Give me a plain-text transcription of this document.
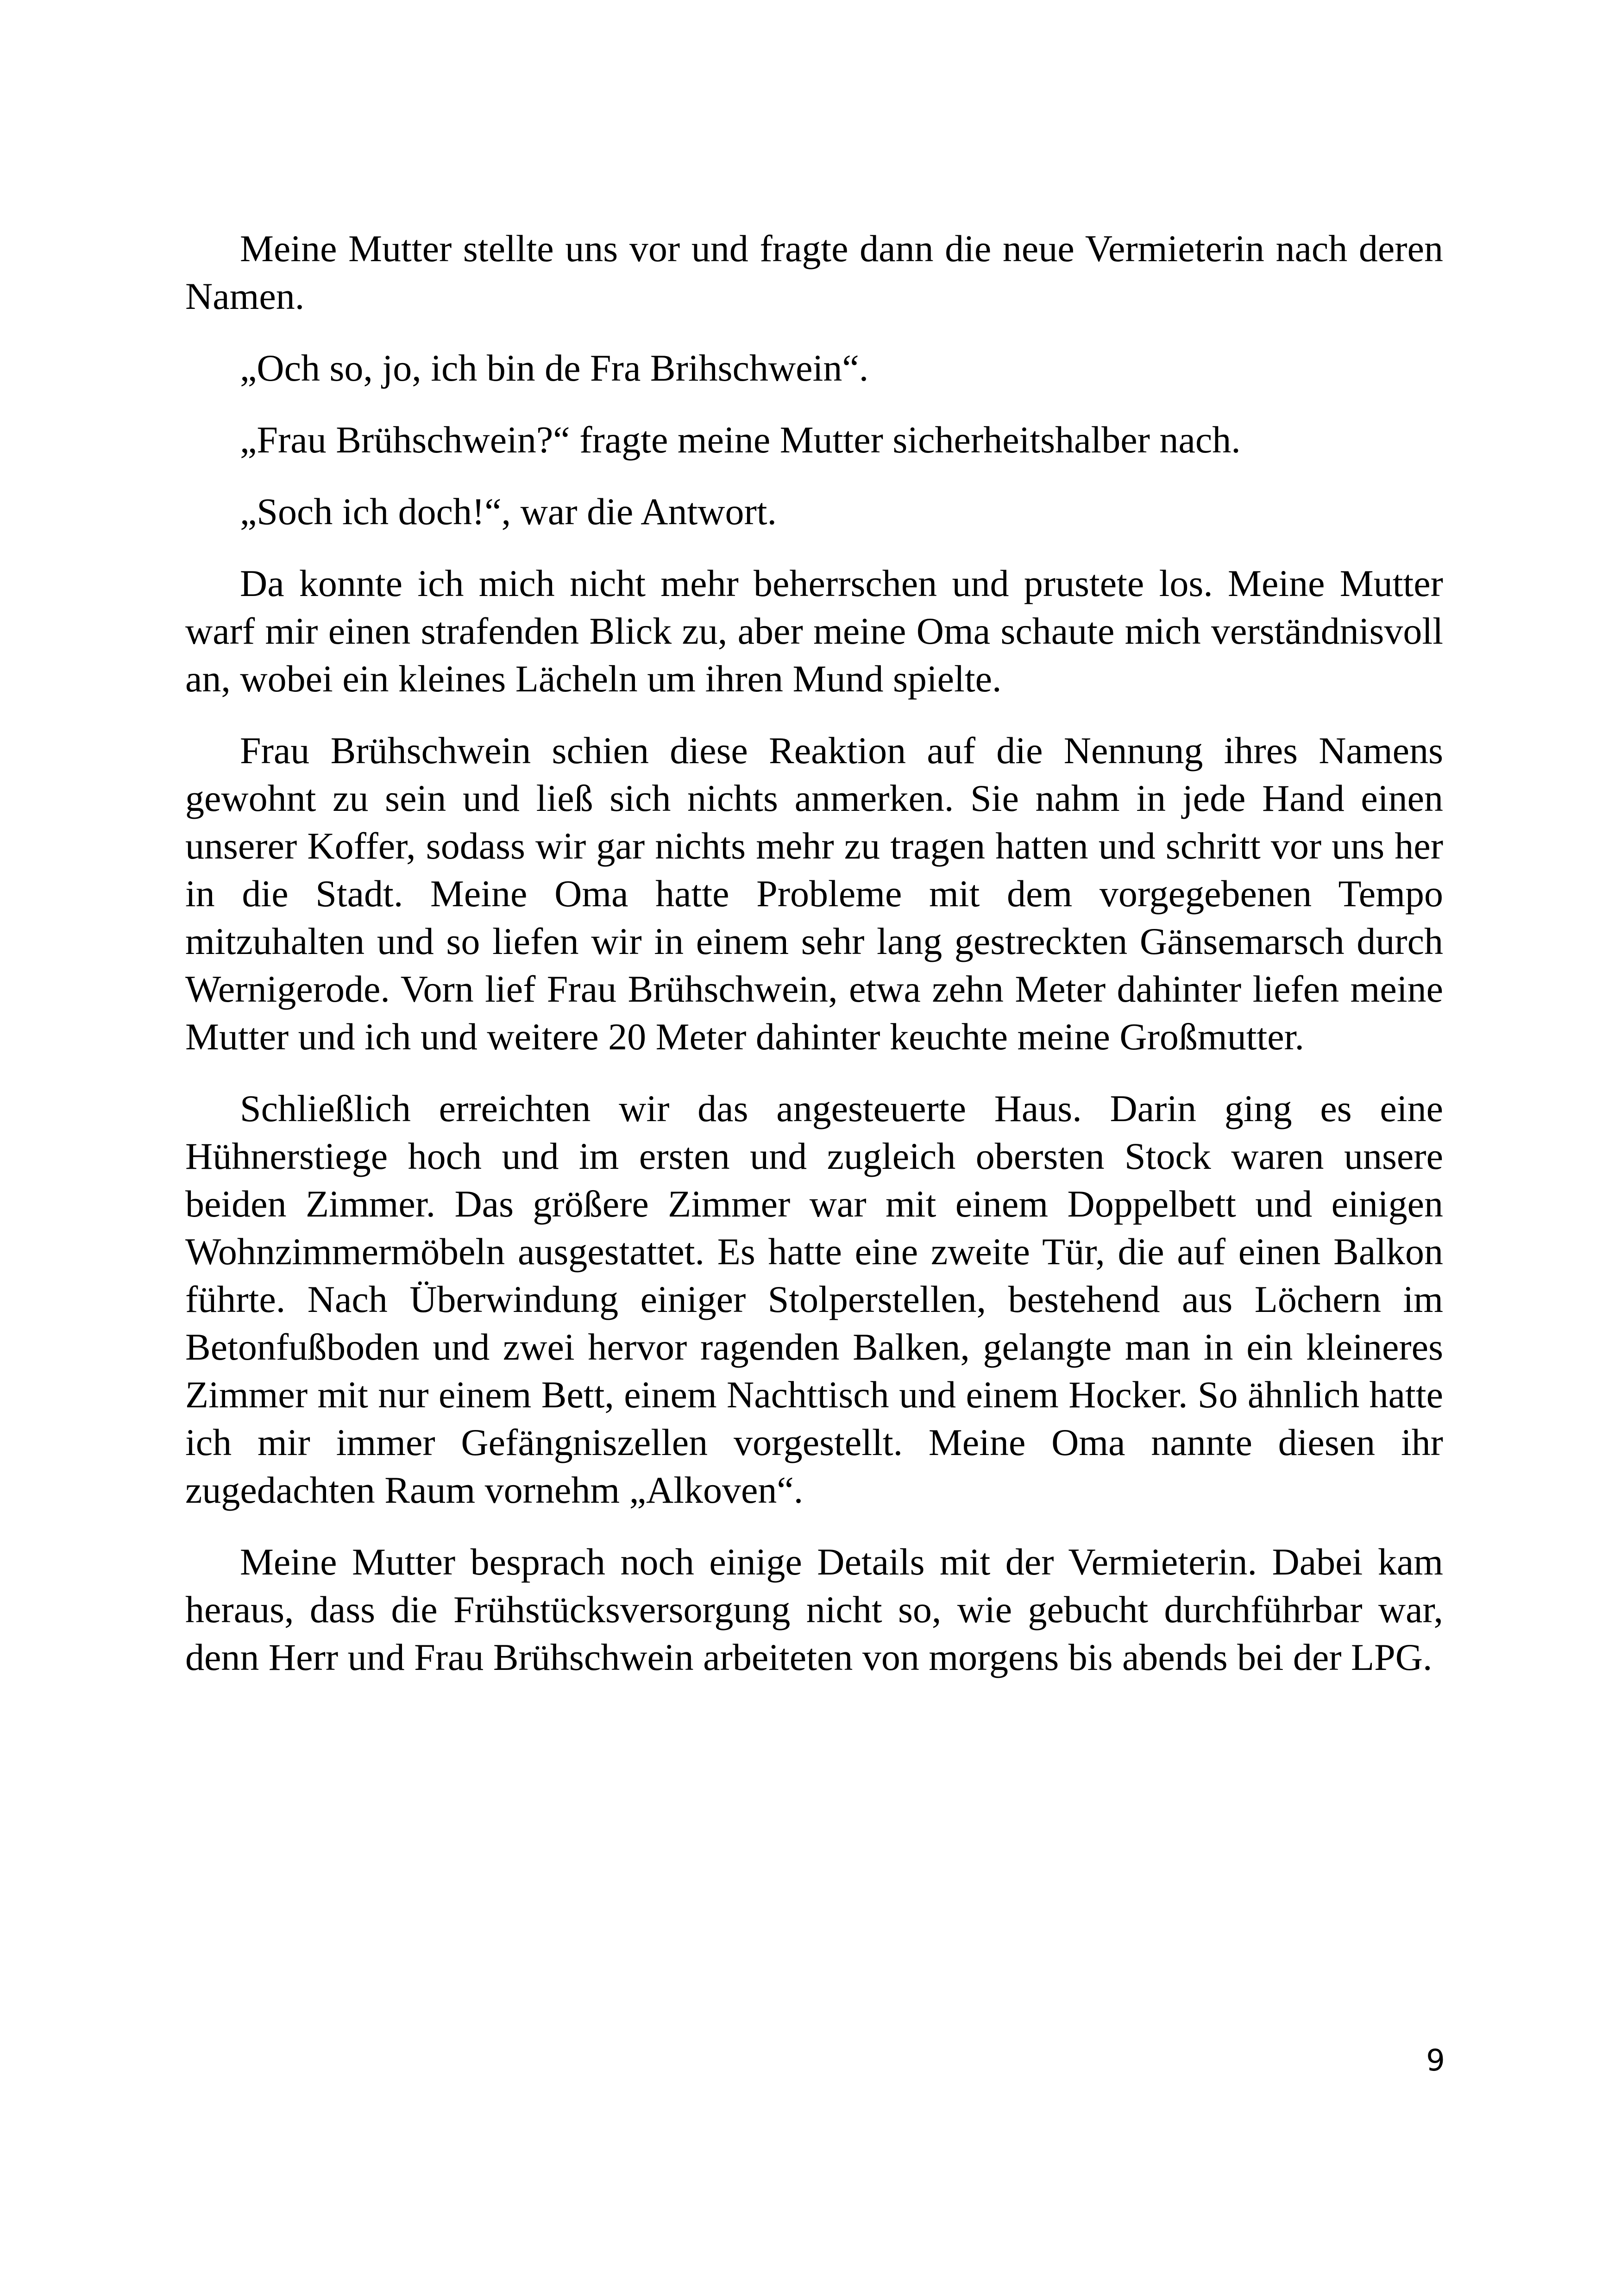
Meine Mutter stellte uns vor und fragte dann die neue Vermieterin nach deren Namen.

„Och so, jo, ich bin de Fra Brihschwein“.

„Frau Brühschwein?“ fragte meine Mutter sicherheitshalber nach.

„Soch ich doch!“, war die Antwort.

Da konnte ich mich nicht mehr beherrschen und prustete los. Meine Mutter warf mir einen strafenden Blick zu, aber meine Oma schaute mich verständnisvoll an, wobei ein kleines Lächeln um ihren Mund spielte.

Frau Brühschwein schien diese Reaktion auf die Nennung ihres Namens gewohnt zu sein und ließ sich nichts anmerken. Sie nahm in jede Hand einen unserer Koffer, sodass wir gar nichts mehr zu tragen hatten und schritt vor uns her in die Stadt. Meine Oma hatte Probleme mit dem vorgegebenen Tempo mitzuhalten und so liefen wir in einem sehr lang gestreckten Gänsemarsch durch Wernigerode. Vorn lief Frau Brühschwein, etwa zehn Meter dahinter liefen meine Mutter und ich und weitere 20 Meter dahinter keuchte meine Großmutter.

Schließlich erreichten wir das angesteuerte Haus. Darin ging es eine Hühnerstiege hoch und im ersten und zugleich obersten Stock waren unsere beiden Zimmer. Das größere Zimmer war mit einem Doppelbett und einigen Wohnzimmermöbeln ausgestattet. Es hatte eine zweite Tür, die auf einen Balkon führte. Nach Überwindung einiger Stolperstellen, bestehend aus Löchern im Betonfußboden und zwei hervor ragenden Balken, gelangte man in ein kleineres Zimmer mit nur einem Bett, einem Nachttisch und einem Hocker. So ähnlich hatte ich mir immer Gefängniszellen vorgestellt. Meine Oma nannte diesen ihr zugedachten Raum vornehm „Alkoven“.

Meine Mutter besprach noch einige Details mit der Vermieterin. Dabei kam heraus, dass die Frühstücksversorgung nicht so, wie gebucht durchführbar war, denn Herr und Frau Brühschwein arbeiteten von morgens bis abends bei der LPG.

9
